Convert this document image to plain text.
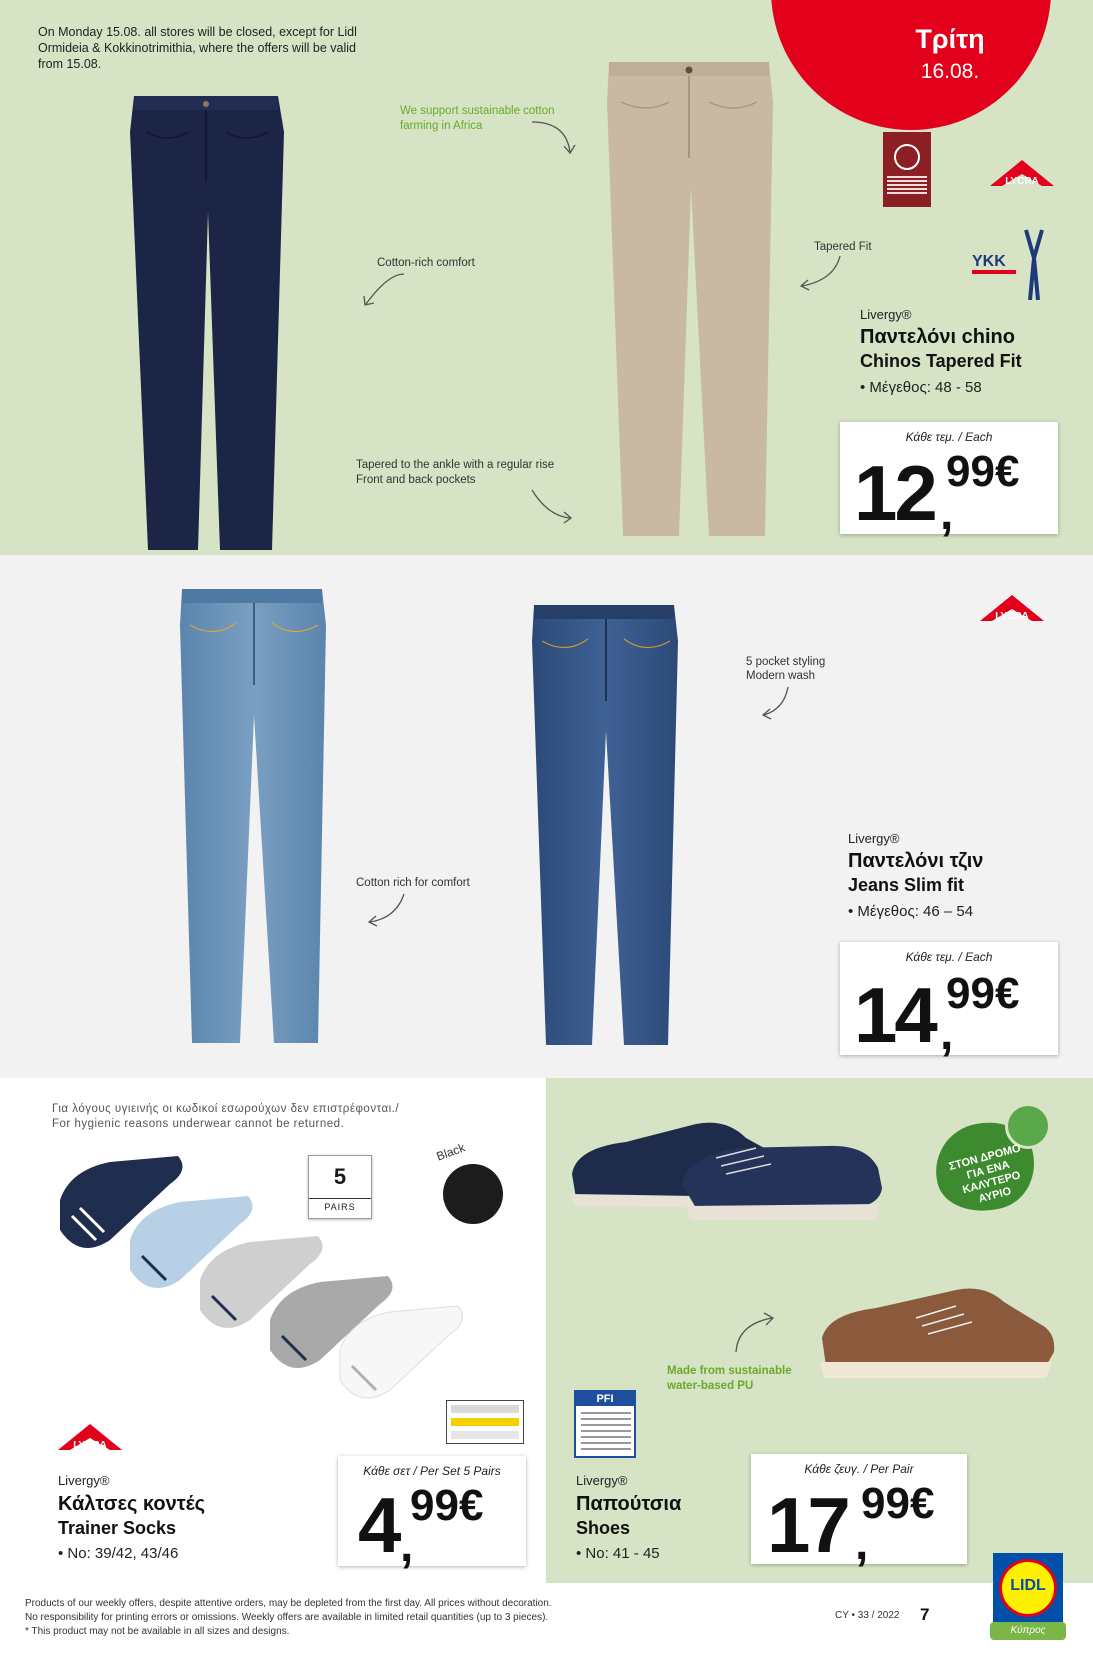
Τρίτη
16.08.
On Monday 15.08. all stores will be closed, except for Lidl Ormideia & Kokkinotrimithia, where the offers will be valid from 15.08.
We support sustainable cotton farming in Africa
Cotton-rich comfort
Tapered Fit
Tapered to the ankle with a regular rise
Front and back pockets
LYCRA
YKK
Livergy®
Παντελόνι chino
Chinos Tapered Fit
• Μέγεθος: 48 - 58
Κάθε τεμ. / Each
12 ,
99€
LYCRA
5 pocket styling
Modern wash
Cotton rich for comfort
Livergy®
Παντελόνι τζιν
Jeans Slim fit
• Μέγεθος: 46 – 54
Κάθε τεμ. / Each
14 ,
99€
Για λόγους υγιεινής οι κωδικοί εσωρούχων δεν επιστρέφονται./
For hygienic reasons underwear cannot be returned.
5
PAIRS
Black
LYCRA
Livergy®
Κάλτσες κοντές
Trainer Socks
• No: 39/42, 43/46
Κάθε σετ / Per Set 5 Pairs
4 ,
99€
ΣΤΟΝ ΔΡΟΜΟ ΓΙΑ ΕΝΑ ΚΑΛΥΤΕΡΟ ΑΥΡΙΟ
Made from sustainable
water-based PU
PFI
Livergy®
Παπούτσια
Shoes
• No: 41 - 45
Κάθε ζευγ. / Per Pair
17 ,
99€
Products of our weekly offers, despite attentive orders, may be depleted from the first day. All prices without decoration.
No responsibility for printing errors or omissions. Weekly offers are available in limited retail quantities (up to 3 pieces).
* This product may not be available in all sizes and designs.
CY • 33 / 2022 7
LIDL
Κύπρος
